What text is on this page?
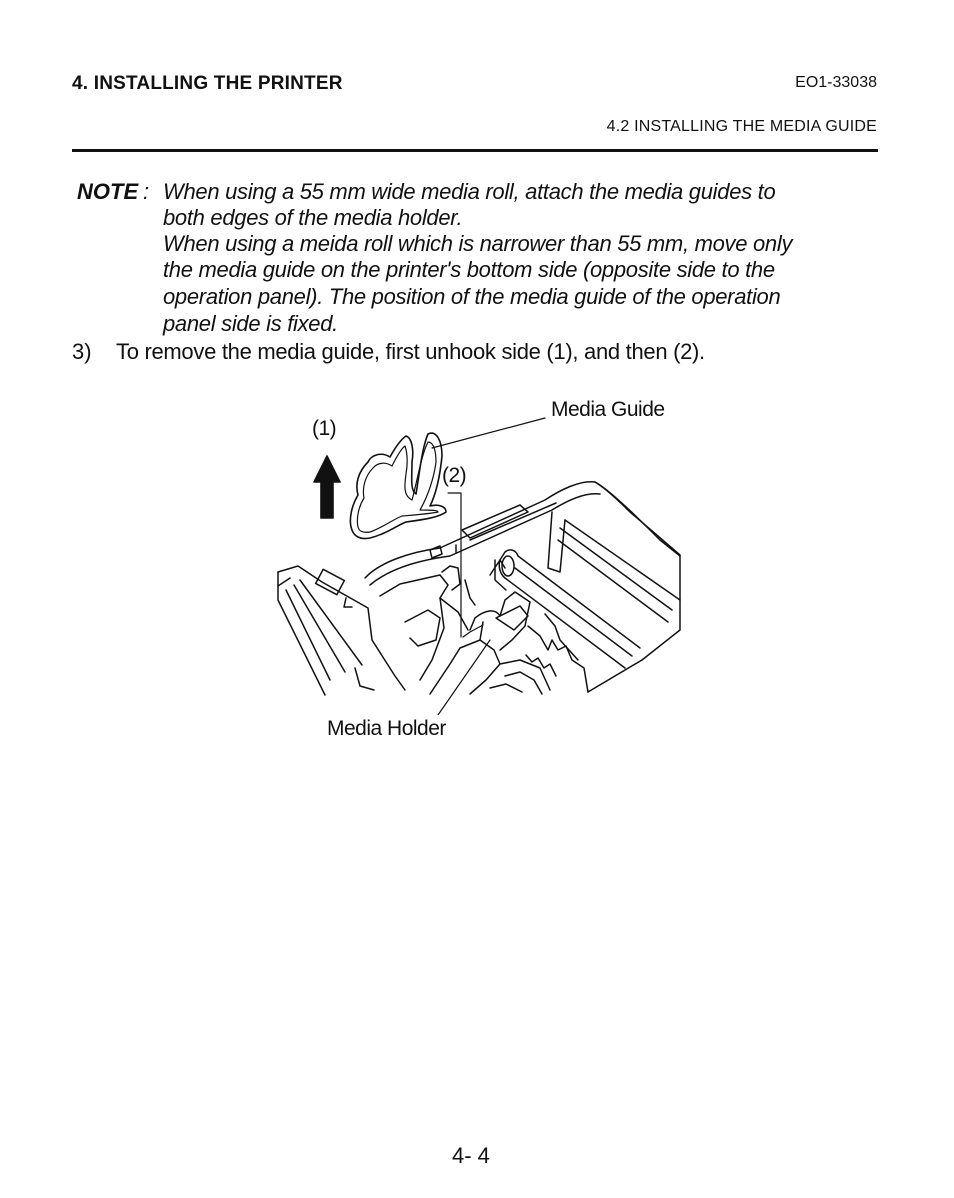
4. INSTALLING THE PRINTER	EO1-33038
4.2 INSTALLING THE MEDIA GUIDE
NOTE : When using a 55 mm wide media roll, attach the media guides to
both edges of the media holder.
When using a meida roll which is narrower than 55 mm, move only
the media guide on the printer's bottom side (opposite side to the
operation panel). The position of the media guide of the operation
panel side is fixed.
3) To remove the media guide, first unhook side (1), and then (2).
Media Guide
(1)
(2)
Media Holder
4- 4
